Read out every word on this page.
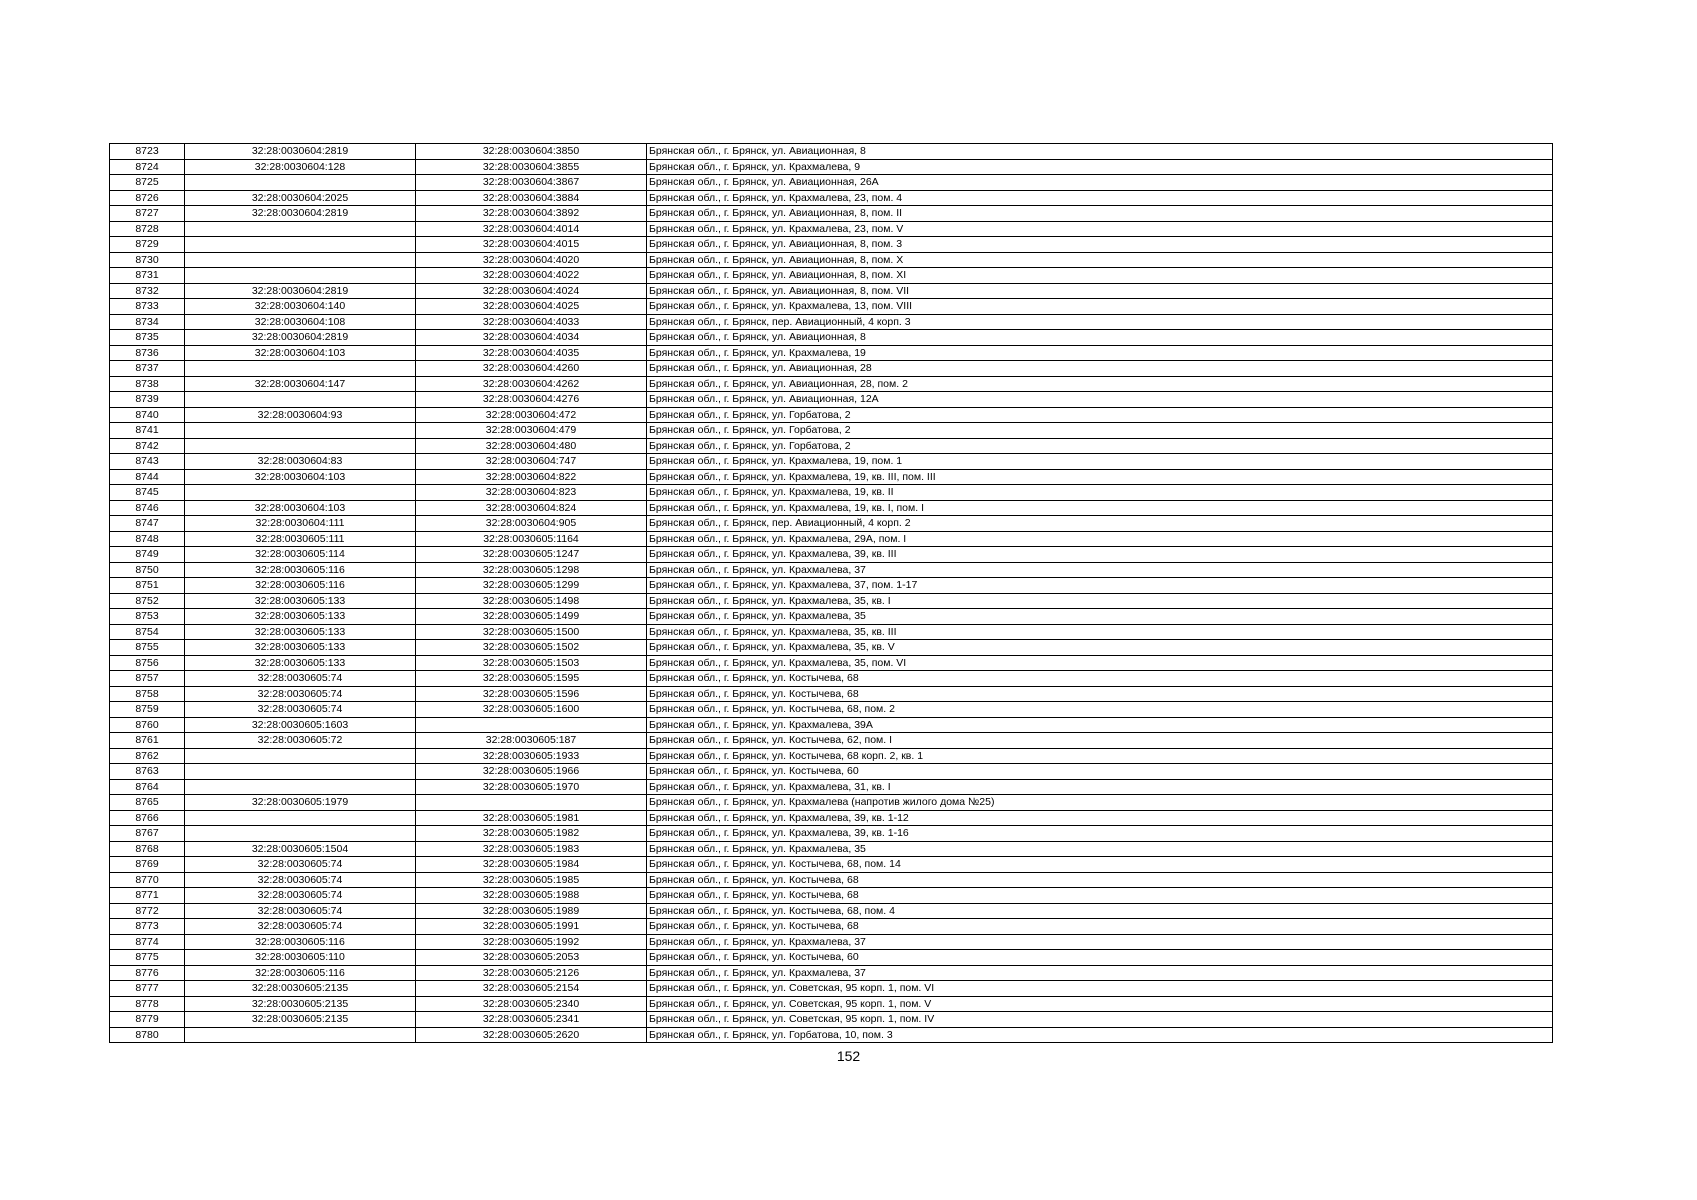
8723	32:28:0030604:2819	32:28:0030604:3850	Брянская обл., г. Брянск, ул. Авиационная, 8
8724	32:28:0030604:128	32:28:0030604:3855	Брянская обл., г. Брянск, ул. Крахмалева, 9
8725		32:28:0030604:3867	Брянская обл., г. Брянск, ул. Авиационная, 26А
8726	32:28:0030604:2025	32:28:0030604:3884	Брянская обл., г. Брянск, ул. Крахмалева, 23, пом. 4
8727	32:28:0030604:2819	32:28:0030604:3892	Брянская обл., г. Брянск, ул. Авиационная, 8, пом. II
8728		32:28:0030604:4014	Брянская обл., г. Брянск, ул. Крахмалева, 23, пом. V
8729		32:28:0030604:4015	Брянская обл., г. Брянск, ул. Авиационная, 8, пом. 3
8730		32:28:0030604:4020	Брянская обл., г. Брянск, ул. Авиационная, 8, пом. X
8731		32:28:0030604:4022	Брянская обл., г. Брянск, ул. Авиационная, 8, пом. XI
8732	32:28:0030604:2819	32:28:0030604:4024	Брянская обл., г. Брянск, ул. Авиационная, 8, пом. VII
8733	32:28:0030604:140	32:28:0030604:4025	Брянская обл., г. Брянск, ул. Крахмалева, 13, пом. VIII
8734	32:28:0030604:108	32:28:0030604:4033	Брянская обл., г. Брянск, пер. Авиационный, 4 корп. 3
8735	32:28:0030604:2819	32:28:0030604:4034	Брянская обл., г. Брянск, ул. Авиационная, 8
8736	32:28:0030604:103	32:28:0030604:4035	Брянская обл., г. Брянск, ул. Крахмалева, 19
8737		32:28:0030604:4260	Брянская обл., г. Брянск, ул. Авиационная, 28
8738	32:28:0030604:147	32:28:0030604:4262	Брянская обл., г. Брянск, ул. Авиационная, 28, пом. 2
8739		32:28:0030604:4276	Брянская обл., г. Брянск, ул. Авиационная, 12А
8740	32:28:0030604:93	32:28:0030604:472	Брянская обл., г. Брянск, ул. Горбатова, 2
8741		32:28:0030604:479	Брянская обл., г. Брянск, ул. Горбатова, 2
8742		32:28:0030604:480	Брянская обл., г. Брянск, ул. Горбатова, 2
8743	32:28:0030604:83	32:28:0030604:747	Брянская обл., г. Брянск, ул. Крахмалева, 19, пом. 1
8744	32:28:0030604:103	32:28:0030604:822	Брянская обл., г. Брянск, ул. Крахмалева, 19, кв. III, пом. III
8745		32:28:0030604:823	Брянская обл., г. Брянск, ул. Крахмалева, 19, кв. II
8746	32:28:0030604:103	32:28:0030604:824	Брянская обл., г. Брянск, ул. Крахмалева, 19, кв. I, пом. I
8747	32:28:0030604:111	32:28:0030604:905	Брянская обл., г. Брянск, пер. Авиационный, 4 корп. 2
8748	32:28:0030605:111	32:28:0030605:1164	Брянская обл., г. Брянск, ул. Крахмалева, 29А, пом. I
8749	32:28:0030605:114	32:28:0030605:1247	Брянская обл., г. Брянск, ул. Крахмалева, 39, кв. III
8750	32:28:0030605:116	32:28:0030605:1298	Брянская обл., г. Брянск, ул. Крахмалева, 37
8751	32:28:0030605:116	32:28:0030605:1299	Брянская обл., г. Брянск, ул. Крахмалева, 37, пом. 1-17
8752	32:28:0030605:133	32:28:0030605:1498	Брянская обл., г. Брянск, ул. Крахмалева, 35, кв. I
8753	32:28:0030605:133	32:28:0030605:1499	Брянская обл., г. Брянск, ул. Крахмалева, 35
8754	32:28:0030605:133	32:28:0030605:1500	Брянская обл., г. Брянск, ул. Крахмалева, 35, кв. III
8755	32:28:0030605:133	32:28:0030605:1502	Брянская обл., г. Брянск, ул. Крахмалева, 35, кв. V
8756	32:28:0030605:133	32:28:0030605:1503	Брянская обл., г. Брянск, ул. Крахмалева, 35, пом. VI
8757	32:28:0030605:74	32:28:0030605:1595	Брянская обл., г. Брянск, ул. Костычева, 68
8758	32:28:0030605:74	32:28:0030605:1596	Брянская обл., г. Брянск, ул. Костычева, 68
8759	32:28:0030605:74	32:28:0030605:1600	Брянская обл., г. Брянск, ул. Костычева, 68, пом. 2
8760	32:28:0030605:1603		Брянская обл., г. Брянск, ул. Крахмалева, 39А
8761	32:28:0030605:72	32:28:0030605:187	Брянская обл., г. Брянск, ул. Костычева, 62, пом. I
8762		32:28:0030605:1933	Брянская обл., г. Брянск, ул. Костычева, 68 корп. 2, кв. 1
8763		32:28:0030605:1966	Брянская обл., г. Брянск, ул. Костычева, 60
8764		32:28:0030605:1970	Брянская обл., г. Брянск, ул. Крахмалева, 31, кв. I
8765	32:28:0030605:1979		Брянская обл., г. Брянск, ул. Крахмалева (напротив жилого дома №25)
8766		32:28:0030605:1981	Брянская обл., г. Брянск, ул. Крахмалева, 39, кв. 1-12
8767		32:28:0030605:1982	Брянская обл., г. Брянск, ул. Крахмалева, 39, кв. 1-16
8768	32:28:0030605:1504	32:28:0030605:1983	Брянская обл., г. Брянск, ул. Крахмалева, 35
8769	32:28:0030605:74	32:28:0030605:1984	Брянская обл., г. Брянск, ул. Костычева, 68, пом. 14
8770	32:28:0030605:74	32:28:0030605:1985	Брянская обл., г. Брянск, ул. Костычева, 68
8771	32:28:0030605:74	32:28:0030605:1988	Брянская обл., г. Брянск, ул. Костычева, 68
8772	32:28:0030605:74	32:28:0030605:1989	Брянская обл., г. Брянск, ул. Костычева, 68, пом. 4
8773	32:28:0030605:74	32:28:0030605:1991	Брянская обл., г. Брянск, ул. Костычева, 68
8774	32:28:0030605:116	32:28:0030605:1992	Брянская обл., г. Брянск, ул. Крахмалева, 37
8775	32:28:0030605:110	32:28:0030605:2053	Брянская обл., г. Брянск, ул. Костычева, 60
8776	32:28:0030605:116	32:28:0030605:2126	Брянская обл., г. Брянск, ул. Крахмалева, 37
8777	32:28:0030605:2135	32:28:0030605:2154	Брянская обл., г. Брянск, ул. Советская, 95 корп. 1, пом. VI
8778	32:28:0030605:2135	32:28:0030605:2340	Брянская обл., г. Брянск, ул. Советская, 95 корп. 1, пом. V
8779	32:28:0030605:2135	32:28:0030605:2341	Брянская обл., г. Брянск, ул. Советская, 95 корп. 1, пом. IV
8780		32:28:0030605:2620	Брянская обл., г. Брянск, ул. Горбатова, 10, пом. 3
152
